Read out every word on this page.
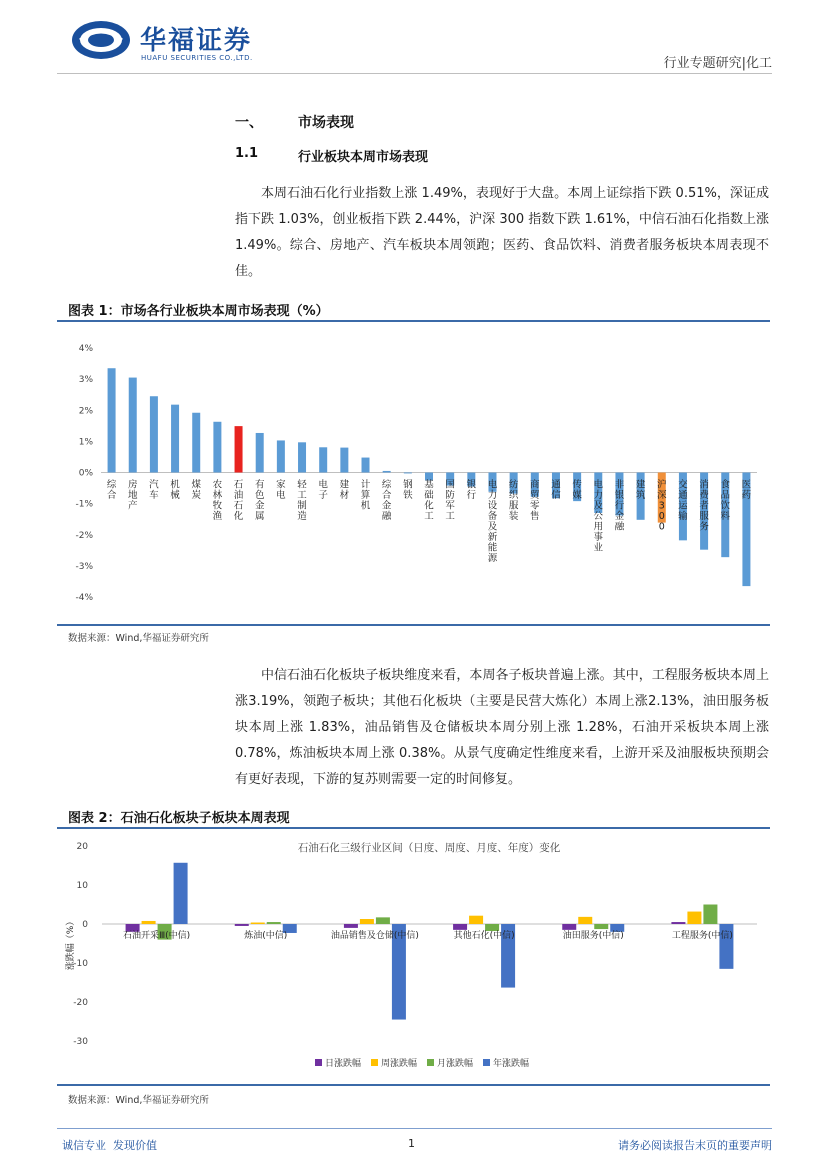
华福证券
HUAFU SECURITIES CO.,LTD.	行业专题研究|化工
一、	市场表现
1.1	行业板块本周市场表现
本周石油石化行业指数上涨 1.49%，表现好于大盘。本周上证综指下跌 0.51%，深证成指下跌 1.03%，创业板指下跌 2.44%，沪深 300 指数下跌 1.61%，中信石油石化指数上涨 1.49%。综合、房地产、汽车板块本周领跑；医药、食品饮料、消费者服务板块本周表现不佳。
图表 1：市场各行业板块本周市场表现（%）
4%
3%
2%
1%
0%
-1%
-2%
-3%
-4%
综合
房地产
汽车
机械
煤炭
农林牧渔
石油石化
有色金属
家电
轻工制造
电子
建材
计算机
综合金融
钢铁
基础化工
国防军工
银行
电力设备及新能源
纺织服装
商贸零售
通信
传媒
电力及公用事业
非银行金融
建筑
沪深 3 0 0
交通运输
消费者服务
食品饮料
医药
数据来源：Wind,华福证券研究所
中信石油石化板块子板块维度来看，本周各子板块普遍上涨。其中，工程服务板块本周上涨3.19%，领跑子板块；其他石化板块（主要是民营大炼化）本周上涨2.13%，油田服务板块本周上涨 1.83%，油品销售及仓储板块本周分别上涨 1.28%，石油开采板块本周上涨 0.78%，炼油板块本周上涨 0.38%。从景气度确定性维度来看，上游开采及油服板块预期会有更好表现，下游的复苏则需要一定的时间修复。
图表 2：石油石化板块子板块本周表现
石油石化三级行业区间（日度、周度、月度、年度）变化
20
10
0
-10
-20
-30
涨跌幅（%）	石油开采Ⅲ(中信)	炼油(中信)	油品销售及仓储(中信)	其他石化(中信)	油田服务(中信)	工程服务(中信)
日涨跌幅 周涨跌幅 月涨跌幅 年涨跌幅
数据来源：Wind,华福证券研究所
诚信专业  发现价值	1	请务必阅读报告末页的重要声明
